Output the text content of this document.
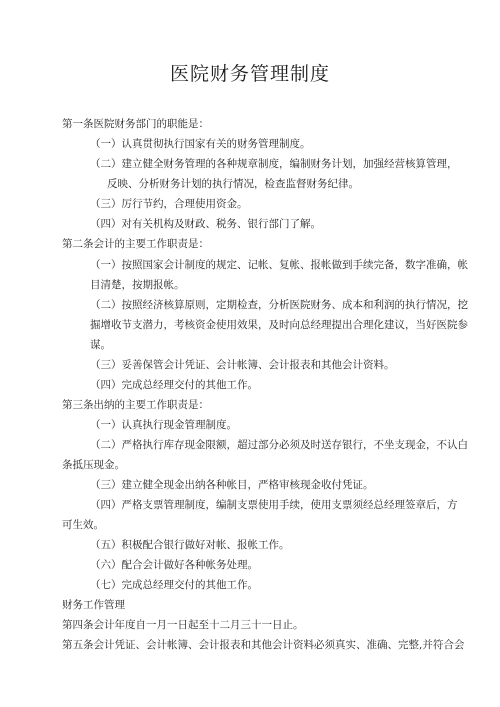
医院财务管理制度
第一条医院财务部门的职能是：
（一）认真贯彻执行国家有关的财务管理制度。
（二）建立健全财务管理的各种规章制度，编制财务计划，加强经营核算管理，
反映、分析财务计划的执行情况，检查监督财务纪律。
（三）厉行节约，合理使用资金。
（四）对有关机构及财政、税务、银行部门了解。
第二条会计的主要工作职责是：
（一）按照国家会计制度的规定、记帐、复帐、报帐做到手续完备，数字准确，帐
目清楚，按期报帐。
（二）按照经济核算原则，定期检查，分析医院财务、成本和利润的执行情况，挖
掘增收节支潜力，考核资金使用效果，及时向总经理提出合理化建议，当好医院参
谋。
（三）妥善保管会计凭证、会计帐簿、会计报表和其他会计资料。
（四）完成总经理交付的其他工作。
第三条出纳的主要工作职责是：
（一）认真执行现金管理制度。
（二）严格执行库存现金限额，超过部分必须及时送存银行，不坐支现金，不认白
条抵压现金。
（三）建立健全现金出纳各种帐目，严格审核现金收付凭证。
（四）严格支票管理制度，编制支票使用手续，使用支票须经总经理签章后，方
可生效。
（五）积极配合银行做好对帐、报帐工作。
（六）配合会计做好各种帐务处理。
（七）完成总经理交付的其他工作。
财务工作管理
第四条会计年度自一月一日起至十二月三十一日止。
第五条会计凭证、会计帐簿、会计报表和其他会计资料必须真实、准确、完整,并符合会
